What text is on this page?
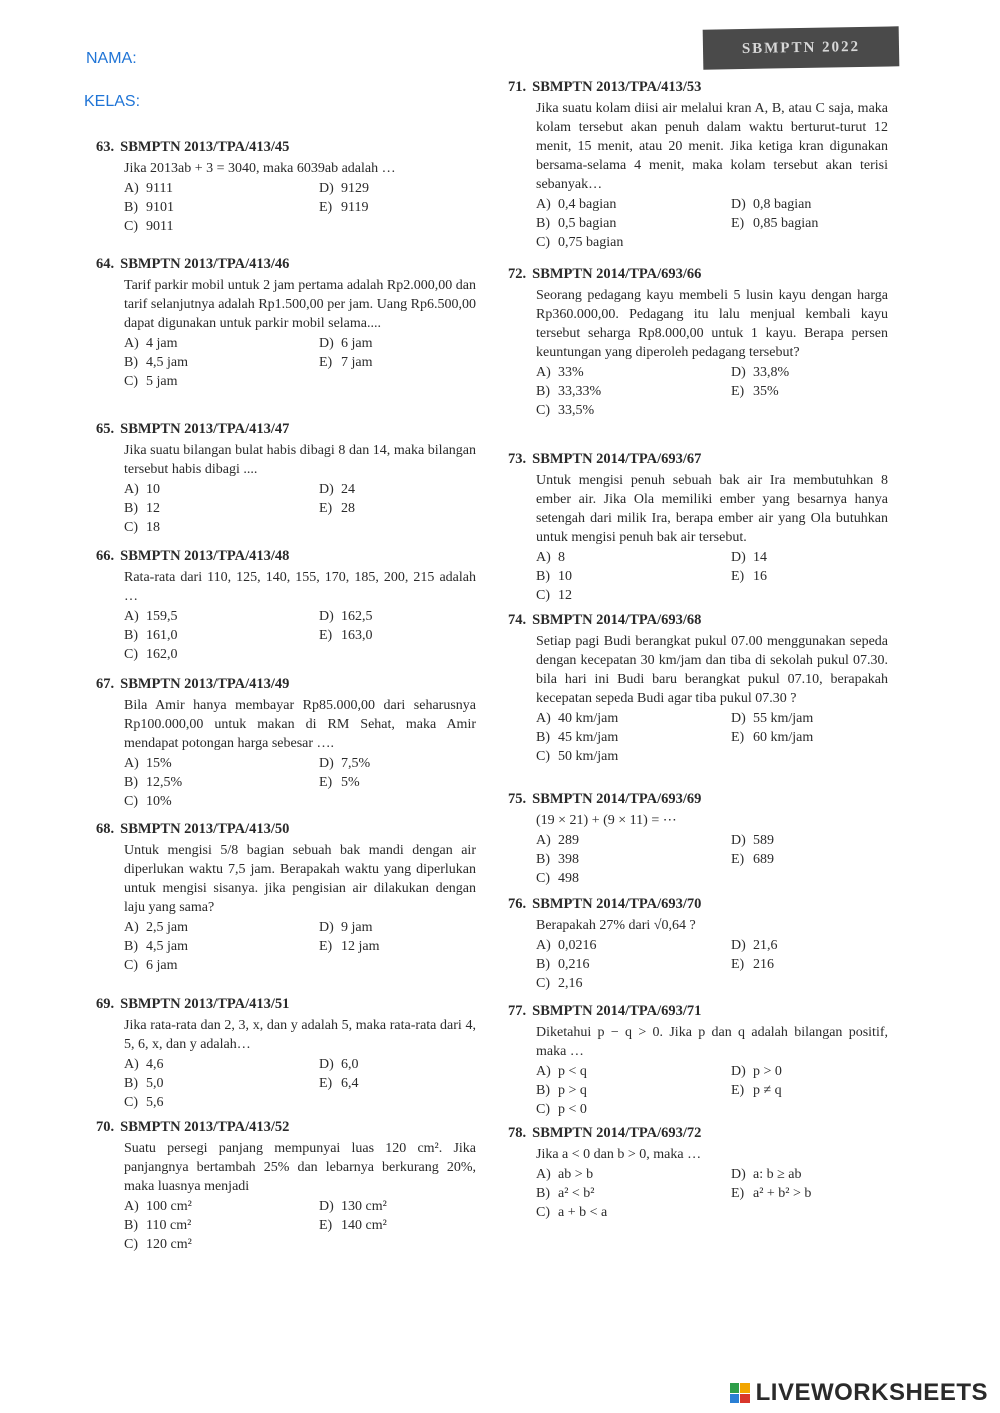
NAMA:
KELAS:
SBMPTN 2022
63. SBMPTN 2013/TPA/413/45
Jika 2013ab + 3 = 3040, maka 6039ab adalah …
A) 9111	D) 9129
B) 9101	E) 9119
C) 9011
64. SBMPTN 2013/TPA/413/46
Tarif parkir mobil untuk 2 jam pertama adalah Rp2.000,00 dan tarif selanjutnya adalah Rp1.500,00 per jam. Uang Rp6.500,00 dapat digunakan untuk parkir mobil selama....
A) 4 jam	D) 6 jam
B) 4,5 jam	E) 7 jam
C) 5 jam
65. SBMPTN 2013/TPA/413/47
Jika suatu bilangan bulat habis dibagi 8 dan 14, maka bilangan tersebut habis dibagi ....
A) 10	D) 24
B) 12	E) 28
C) 18
66. SBMPTN 2013/TPA/413/48
Rata-rata dari 110, 125, 140, 155, 170, 185, 200, 215 adalah …
A) 159,5	D) 162,5
B) 161,0	E) 163,0
C) 162,0
67. SBMPTN 2013/TPA/413/49
Bila Amir hanya membayar Rp85.000,00 dari seharusnya Rp100.000,00 untuk makan di RM Sehat, maka Amir mendapat potongan harga sebesar ….
A) 15%	D) 7,5%
B) 12,5%	E) 5%
C) 10%
68. SBMPTN 2013/TPA/413/50
Untuk mengisi 5/8 bagian sebuah bak mandi dengan air diperlukan waktu 7,5 jam. Berapakah waktu yang diperlukan untuk mengisi sisanya. jika pengisian air dilakukan dengan laju yang sama?
A) 2,5 jam	D) 9 jam
B) 4,5 jam	E) 12 jam
C) 6 jam
69. SBMPTN 2013/TPA/413/51
Jika rata-rata dan 2, 3, x, dan y adalah 5, maka rata-rata dari 4, 5, 6, x, dan y adalah…
A) 4,6	D) 6,0
B) 5,0	E) 6,4
C) 5,6
70. SBMPTN 2013/TPA/413/52
Suatu persegi panjang mempunyai luas 120 cm². Jika panjangnya bertambah 25% dan lebarnya berkurang 20%, maka luasnya menjadi
A) 100 cm²	D) 130 cm²
B) 110 cm²	E) 140 cm²
C) 120 cm²
71. SBMPTN 2013/TPA/413/53
Jika suatu kolam diisi air melalui kran A, B, atau C saja, maka kolam tersebut akan penuh dalam waktu berturut-turut 12 menit, 15 menit, atau 20 menit. Jika ketiga kran digunakan bersama-selama 4 menit, maka kolam tersebut akan terisi sebanyak…
A) 0,4 bagian	D) 0,8 bagian
B) 0,5 bagian	E) 0,85 bagian
C) 0,75 bagian
72. SBMPTN 2014/TPA/693/66
Seorang pedagang kayu membeli 5 lusin kayu dengan harga Rp360.000,00. Pedagang itu lalu menjual kembali kayu tersebut seharga Rp8.000,00 untuk 1 kayu. Berapa persen keuntungan yang diperoleh pedagang tersebut?
A) 33%	D) 33,8%
B) 33,33%	E) 35%
C) 33,5%
73. SBMPTN 2014/TPA/693/67
Untuk mengisi penuh sebuah bak air Ira membutuhkan 8 ember air. Jika Ola memiliki ember yang besarnya hanya setengah dari milik Ira, berapa ember air yang Ola butuhkan untuk mengisi penuh bak air tersebut.
A) 8	D) 14
B) 10	E) 16
C) 12
74. SBMPTN 2014/TPA/693/68
Setiap pagi Budi berangkat pukul 07.00 menggunakan sepeda dengan kecepatan 30 km/jam dan tiba di sekolah pukul 07.30. bila hari ini Budi baru berangkat pukul 07.10, berapakah kecepatan sepeda Budi agar tiba pukul 07.30 ?
A) 40 km/jam	D) 55 km/jam
B) 45 km/jam	E) 60 km/jam
C) 50 km/jam
75. SBMPTN 2014/TPA/693/69
(19 × 21) + (9 × 11) = ⋯
A) 289	D) 589
B) 398	E) 689
C) 498
76. SBMPTN 2014/TPA/693/70
Berapakah 27% dari √0,64 ?
A) 0,0216	D) 21,6
B) 0,216	E) 216
C) 2,16
77. SBMPTN 2014/TPA/693/71
Diketahui p − q > 0. Jika p dan q adalah bilangan positif, maka …
A) p < q	D) p > 0
B) p > q	E) p ≠ q
C) p < 0
78. SBMPTN 2014/TPA/693/72
Jika a < 0 dan b > 0, maka …
A) ab > b	D) a: b ≥ ab
B) a² < b²	E) a² + b² > b
C) a + b < a
LIVEWORKSHEETS
